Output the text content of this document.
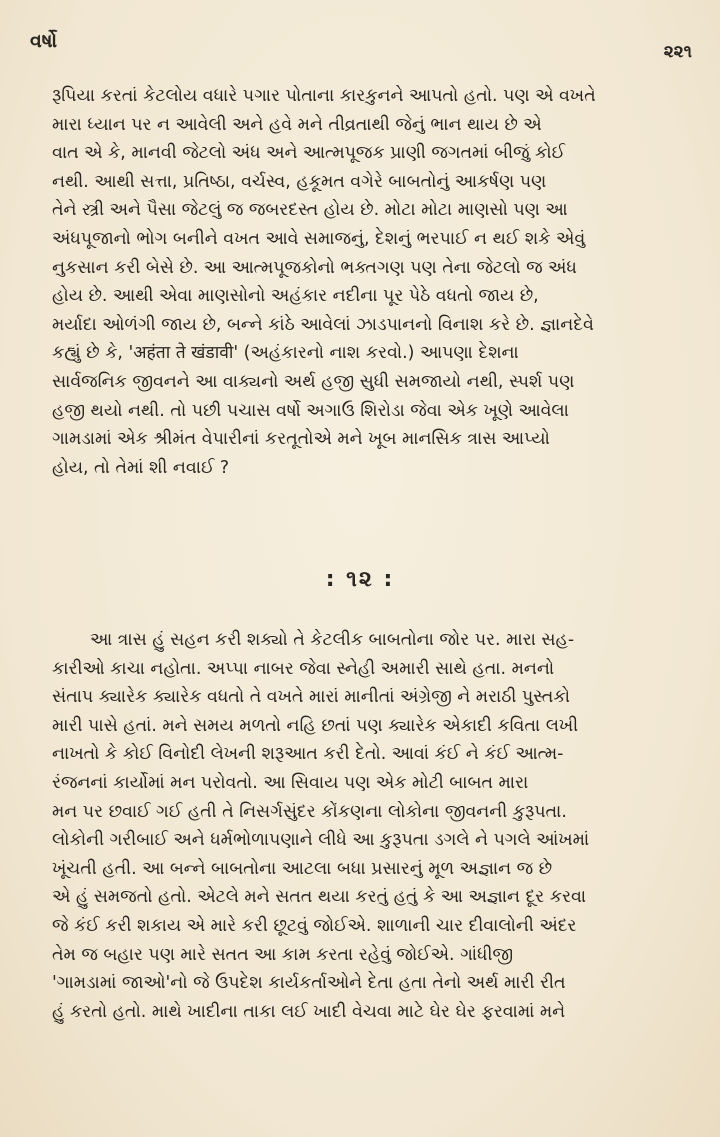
વર્ષો	૨૨૧
રૂપિયા કરતાં કેટલોય વધારે પગાર પોતાના કારકુનને આપતો હતો. પણ એ વખતે
મારા ધ્યાન પર ન આવેલી અને હવે મને તીવ્રતાથી જેનું ભાન થાય છે એ
વાત એ કે, માનવી જેટલો અંધ અને આત્મપૂજક પ્રાણી જગતમાં બીજું કોઈ
નથી. આથી સત્તા, પ્રતિષ્ઠા, વર્ચસ્વ, હકૂમત વગેરે બાબતોનું આકર્ષણ પણ
તેને સ્ત્રી અને પૈસા જેટલું જ જબરદસ્ત હોય છે. મોટા મોટા માણસો પણ આ
અંધપૂજાનો ભોગ બનીને વખત આવે સમાજનું, દેશનું ભરપાઈ ન થઈ શકે એવું
નુકસાન કરી બેસે છે. આ આત્મપૂજકોનો ભક્તગણ પણ તેના જેટલો જ અંધ
હોય છે. આથી એવા માણસોનો અહંકાર નદીના પૂર પેઠે વધતો જાય છે,
મર્યાદા ઓળંગી જાય છે, બન્ને કાંઠે આવેલાં ઝાડપાનનો વિનાશ કરે છે. જ્ઞાનદેવે
કહ્યું છે કે, 'अहंता ते खंडावी' (અહંકારનો નાશ કરવો.) આપણા દેશના
સાર્વજનિક જીવનને આ વાક્યનો અર્થ હજી સુધી સમજાયો નથી, સ્પર્શ પણ
હજી થયો નથી. તો પછી પચાસ વર્ષો અગાઉ શિરોડા જેવા એક ખૂણે આવેલા
ગામડામાં એક શ્રીમંત વેપારીનાં કરતૂતોએ મને ખૂબ માનસિક ત્રાસ આપ્યો
હોય, તો તેમાં શી નવાઈ ?
: ૧૨ :
આ ત્રાસ હું સહન કરી શક્યો તે કેટલીક બાબતોના જોર પર. મારા સહ-
કારીઓ કાચા નહોતા. અપ્પા નાબર જેવા સ્નેહી અમારી સાથે હતા. મનનો
સંતાપ ક્યારેક ક્યારેક વધતો તે વખતે મારાં માનીતાં અંગ્રેજી ને મરાઠી પુસ્તકો
મારી પાસે હતાં. મને સમય મળતો નહિ છતાં પણ ક્યારેક એકાદી કવિતા લખી
નાખતો કે કોઈ વિનોદી લેખની શરૂઆત કરી દેતો. આવાં કંઈ ને કંઈ આત્મ-
રંજનનાં કાર્યોમાં મન પરોવતો. આ સિવાય પણ એક મોટી બાબત મારા
મન પર છવાઈ ગઈ હતી તે નિસર્ગસુંદર કોંકણના લોકોના જીવનની કુરૂપતા.
લોકોની ગરીબાઈ અને ધર્મભોળાપણાને લીધે આ કુરૂપતા ડગલે ને પગલે આંખમાં
ખૂંચતી હતી. આ બન્ને બાબતોના આટલા બધા પ્રસારનું મૂળ અજ્ઞાન જ છે
એ હું સમજતો હતો. એટલે મને સતત થયા કરતું હતું કે આ અજ્ઞાન દૂર કરવા
જે કંઈ કરી શકાય એ મારે કરી છૂટવું જોઈએ. શાળાની ચાર દીવાલોની અંદર
તેમ જ બહાર પણ મારે સતત આ કામ કરતા રહેવું જોઈએ. ગાંધીજી
'ગામડામાં જાઓ'નો જે ઉપદેશ કાર્યકર્તાઓને દેતા હતા તેનો અર્થ મારી રીત
હું કરતો હતો. માથે ખાદીના તાકા લઈ ખાદી વેચવા માટે ઘેર ઘેર ફરવામાં મને
